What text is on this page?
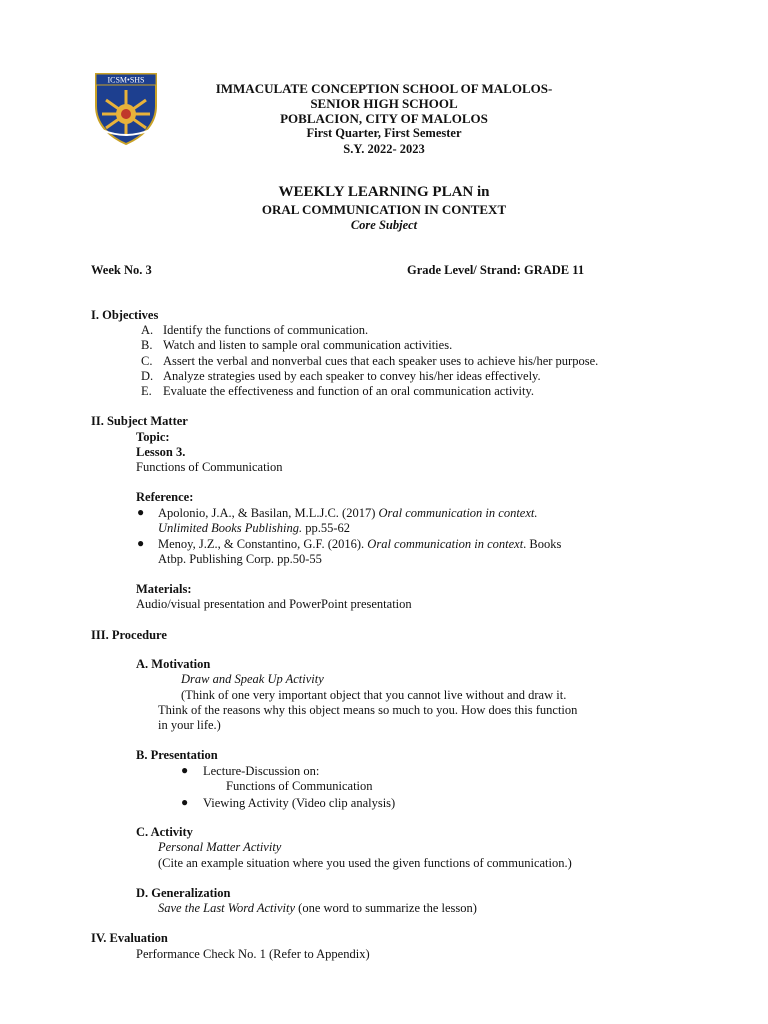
ICSM•SHS
IMMACULATE CONCEPTION SCHOOL OF MALOLOS-
SENIOR HIGH SCHOOL
POBLACION, CITY OF MALOLOS
First Quarter, First Semester
S.Y. 2022- 2023
WEEKLY LEARNING PLAN in
ORAL COMMUNICATION IN CONTEXT
Core Subject
Week No. 3	Grade Level/ Strand: GRADE 11
I. Objectives
A. Identify the functions of communication.
B. Watch and listen to sample oral communication activities.
C. Assert the verbal and nonverbal cues that each speaker uses to achieve his/her purpose.
D. Analyze strategies used by each speaker to convey his/her ideas effectively.
E. Evaluate the effectiveness and function of an oral communication activity.
II. Subject Matter
Topic:
Lesson 3.
Functions of Communication
Reference:
● Apolonio, J.A., & Basilan, M.L.J.C. (2017) Oral communication in context.
Unlimited Books Publishing. pp.55-62
● Menoy, J.Z., & Constantino, G.F. (2016). Oral communication in context. Books
Atbp. Publishing Corp. pp.50-55
Materials:
Audio/visual presentation and PowerPoint presentation
III. Procedure
A. Motivation
Draw and Speak Up Activity
(Think of one very important object that you cannot live without and draw it.
Think of the reasons why this object means so much to you. How does this function
in your life.)
B. Presentation
● Lecture-Discussion on:
Functions of Communication
● Viewing Activity (Video clip analysis)
C. Activity
Personal Matter Activity
(Cite an example situation where you used the given functions of communication.)
D. Generalization
Save the Last Word Activity (one word to summarize the lesson)
IV. Evaluation
Performance Check No. 1 (Refer to Appendix)
